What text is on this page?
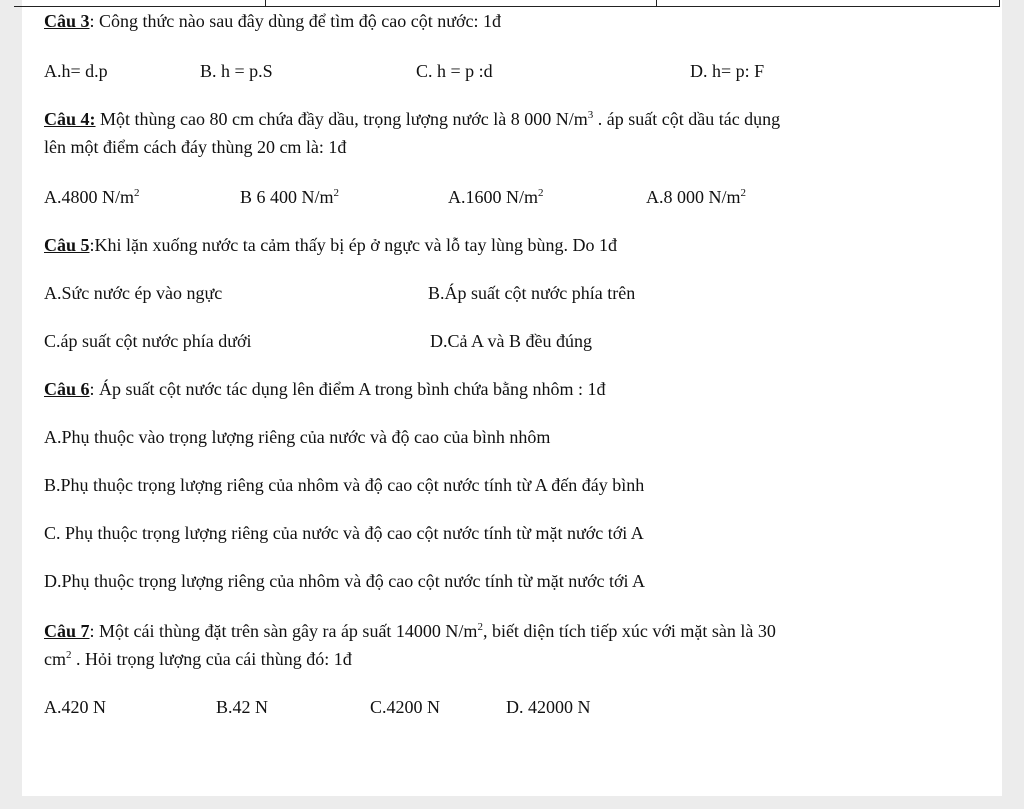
Câu 3: Công thức nào sau đây dùng để tìm độ cao cột nước: 1đ
A.h= d.p	B. h = p.S	C. h = p :d	D. h= p: F
Câu 4: Một thùng cao 80 cm chứa đầy dầu, trọng lượng nước là 8 000 $N/m^3$ . áp suất cột dầu tác dụng
lên một điểm cách đáy thùng 20 cm là: 1đ
A.4800 $N/m^2$	B 6 400 $N/m^2$	A.1600 $N/m^2$	A.8 000 $N/m^2$
Câu 5:Khi lặn xuống nước ta cảm thấy bị ép ở ngực và lỗ tay lùng bùng. Do 1đ
A.Sức nước ép vào ngực	B.Áp suất cột nước phía trên
C.áp suất cột nước phía dưới	D.Cả A và B đều đúng
Câu 6: Áp suất cột nước tác dụng lên điểm A trong bình chứa bằng nhôm : 1đ
A.Phụ thuộc vào trọng lượng riêng của nước và độ cao của bình nhôm
B.Phụ thuộc trọng lượng riêng của nhôm và độ cao cột nước tính từ A đến đáy bình
C. Phụ thuộc trọng lượng riêng của nước và độ cao cột nước tính từ mặt nước tới A
D.Phụ thuộc trọng lượng riêng của nhôm và độ cao cột nước tính từ mặt nước tới A
Câu 7: Một cái thùng đặt trên sàn gây ra áp suất 14000 $N/m^2$, biết diện tích tiếp xúc với mặt sàn là 30
$cm^2$ . Hỏi trọng lượng của cái thùng đó: 1đ
A.420 N	B.42 N	C.4200 N	D. 42000 N
